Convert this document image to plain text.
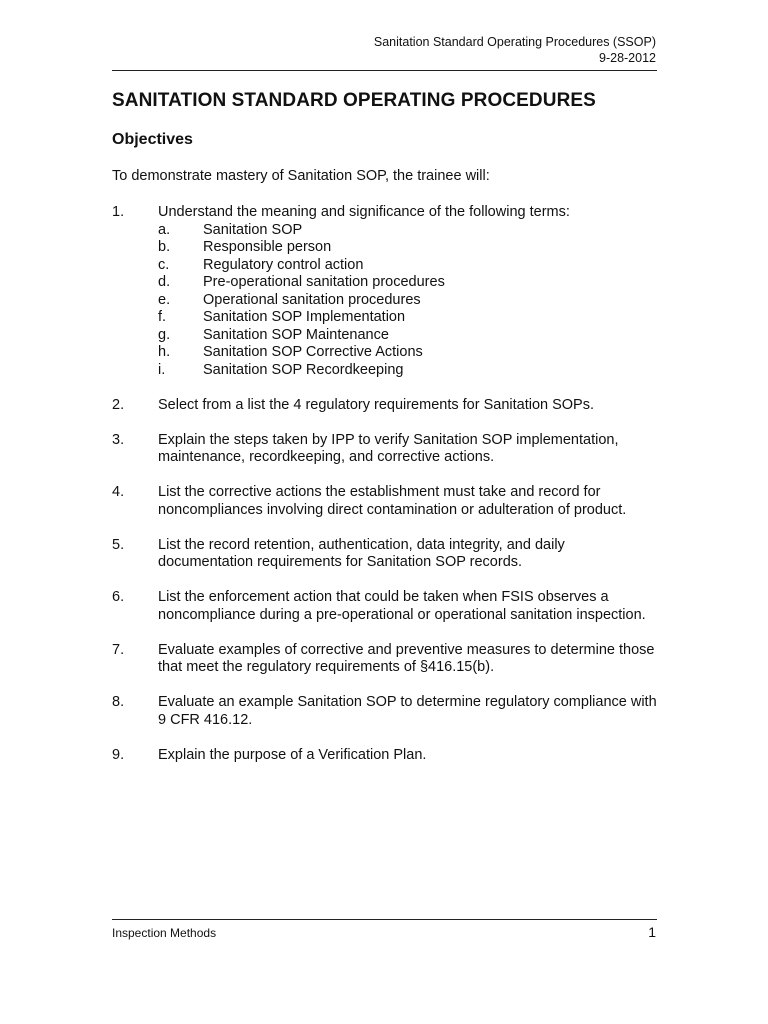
Sanitation Standard Operating Procedures (SSOP)
9-28-2012
SANITATION STANDARD OPERATING PROCEDURES
Objectives

To demonstrate mastery of Sanitation SOP, the trainee will:

1.	Understand the meaning and significance of the following terms:
a.	Sanitation SOP
b.	Responsible person
c.	Regulatory control action
d.	Pre-operational sanitation procedures
e.	Operational sanitation procedures
f.	Sanitation SOP Implementation
g.	Sanitation SOP Maintenance
h.	Sanitation SOP Corrective Actions
i.	Sanitation SOP Recordkeeping
2.	Select from a list the 4 regulatory requirements for Sanitation SOPs.
3.	Explain the steps taken by IPP to verify Sanitation SOP implementation, maintenance, recordkeeping, and corrective actions.
4.	List the corrective actions the establishment must take and record for noncompliances involving direct contamination or adulteration of product.
5.	List the record retention, authentication, data integrity, and daily documentation requirements for Sanitation SOP records.
6.	List the enforcement action that could be taken when FSIS observes a noncompliance during a pre-operational or operational sanitation inspection.
7.	Evaluate examples of corrective and preventive measures to determine those that meet the regulatory requirements of §416.15(b).
8.	Evaluate an example Sanitation SOP to determine regulatory compliance with 9 CFR 416.12.
9.	Explain the purpose of a Verification Plan.
Inspection Methods	1
